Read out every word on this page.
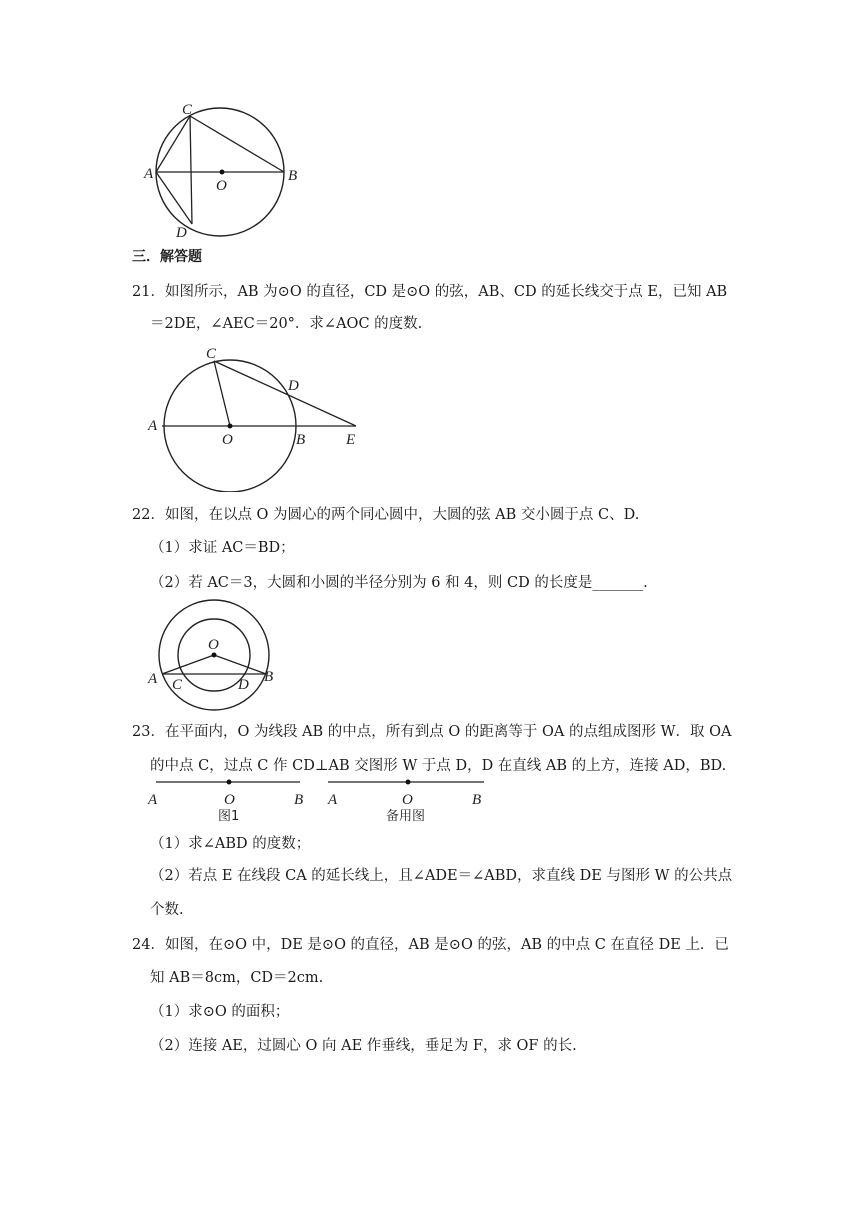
C
A
O
B
D
三．解答题
21．如图所示，AB 为⊙O 的直径，CD 是⊙O 的弦，AB、CD 的延长线交于点 E，已知 AB
＝2DE，∠AEC＝20°．求∠AOC 的度数.
C
D
A
O	B	E
22．如图，在以点 O 为圆心的两个同心圆中，大圆的弦 AB 交小圆于点 C、D.
（1）求证 AC＝BD；
（2）若 AC＝3，大圆和小圆的半径分别为 6 和 4，则 CD 的长度是_______.
O
A C	D B
23．在平面内，O 为线段 AB 的中点，所有到点 O 的距离等于 OA 的点组成图形 W．取 OA
的中点 C，过点 C 作 CD⊥AB 交图形 W 于点 D，D 在直线 AB 的上方，连接 AD，BD.
A	O	B
图1
A	O	B
备用图
（1）求∠ABD 的度数；
（2）若点 E 在线段 CA 的延长线上，且∠ADE＝∠ABD，求直线 DE 与图形 W 的公共点
个数.
24．如图，在⊙O 中，DE 是⊙O 的直径，AB 是⊙O 的弦，AB 的中点 C 在直径 DE 上．已
知 AB＝8cm，CD＝2cm.
（1）求⊙O 的面积；
（2）连接 AE，过圆心 O 向 AE 作垂线，垂足为 F，求 OF 的长.
